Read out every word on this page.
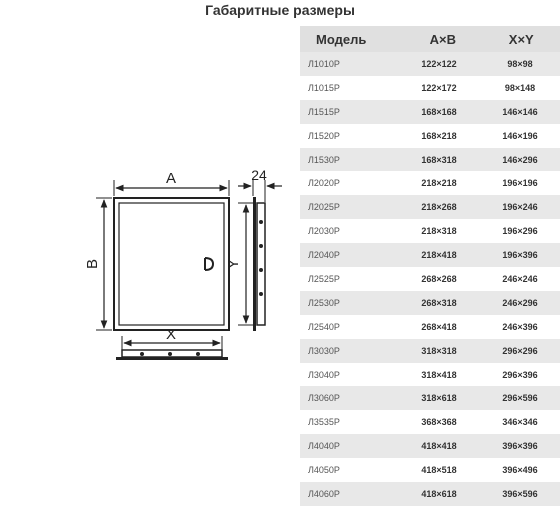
Габаритные размеры
A
B
X
Y
24
Модель	A×B	X×Y
Л1010Р	122×122	98×98
Л1015Р	122×172	98×148
Л1515Р	168×168	146×146
Л1520Р	168×218	146×196
Л1530Р	168×318	146×296
Л2020Р	218×218	196×196
Л2025Р	218×268	196×246
Л2030Р	218×318	196×296
Л2040Р	218×418	196×396
Л2525Р	268×268	246×246
Л2530Р	268×318	246×296
Л2540Р	268×418	246×396
Л3030Р	318×318	296×296
Л3040Р	318×418	296×396
Л3060Р	318×618	296×596
Л3535Р	368×368	346×346
Л4040Р	418×418	396×396
Л4050Р	418×518	396×496
Л4060Р	418×618	396×596
